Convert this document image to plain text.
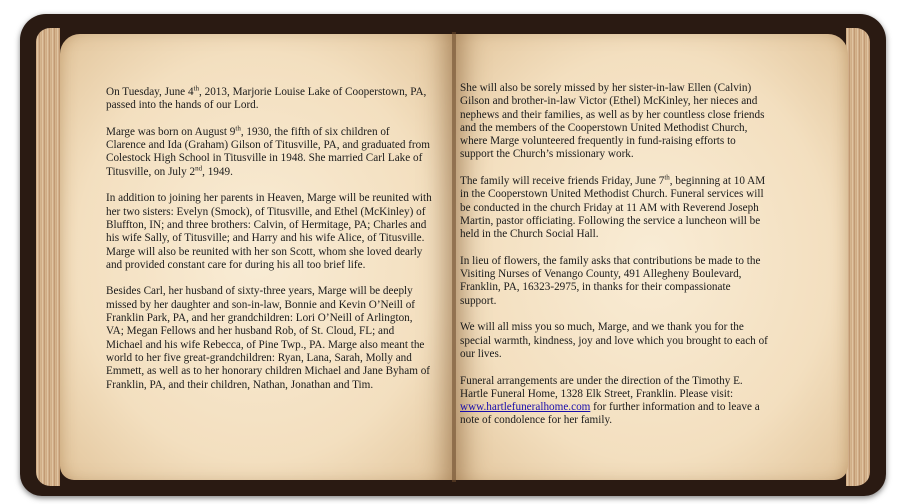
On Tuesday, June 4th, 2013, Marjorie Louise Lake of Cooperstown, PA, passed into the hands of our Lord.

Marge was born on August 9th, 1930, the fifth of six children of Clarence and Ida (Graham) Gilson of Titusville, PA, and graduated from Colestock High School in Titusville in 1948. She married Carl Lake of Titusville, on July 2nd, 1949.

In addition to joining her parents in Heaven, Marge will be reunited with her two sisters: Evelyn (Smock), of Titusville, and Ethel (McKinley) of Bluffton, IN; and three brothers: Calvin, of Hermitage, PA; Charles and his wife Sally, of Titusville; and Harry and his wife Alice, of Titusville. Marge will also be reunited with her son Scott, whom she loved dearly and provided constant care for during his all too brief life.

Besides Carl, her husband of sixty-three years, Marge will be deeply missed by her daughter and son-in-law, Bonnie and Kevin O’Neill of Franklin Park, PA, and her grandchildren: Lori O’Neill of Arlington, VA; Megan Fellows and her husband Rob, of St. Cloud, FL; and Michael and his wife Rebecca, of Pine Twp., PA. Marge also meant the world to her five great-grandchildren: Ryan, Lana, Sarah, Molly and Emmett, as well as to her honorary children Michael and Jane Byham of Franklin, PA, and their children, Nathan, Jonathan and Tim.

She will also be sorely missed by her sister-in-law Ellen (Calvin) Gilson and brother-in-law Victor (Ethel) McKinley, her nieces and nephews and their families, as well as by her countless close friends and the members of the Cooperstown United Methodist Church, where Marge volunteered frequently in fund-raising efforts to support the Church’s missionary work.

The family will receive friends Friday, June 7th, beginning at 10 AM in the Cooperstown United Methodist Church. Funeral services will be conducted in the church Friday at 11 AM with Reverend Joseph Martin, pastor officiating. Following the service a luncheon will be held in the Church Social Hall.

In lieu of flowers, the family asks that contributions be made to the Visiting Nurses of Venango County, 491 Allegheny Boulevard, Franklin, PA, 16323-2975, in thanks for their compassionate support.

We will all miss you so much, Marge, and we thank you for the special warmth, kindness, joy and love which you brought to each of our lives.

Funeral arrangements are under the direction of the Timothy E. Hartle Funeral Home, 1328 Elk Street, Franklin. Please visit: www.hartlefuneralhome.com for further information and to leave a note of condolence for her family.
